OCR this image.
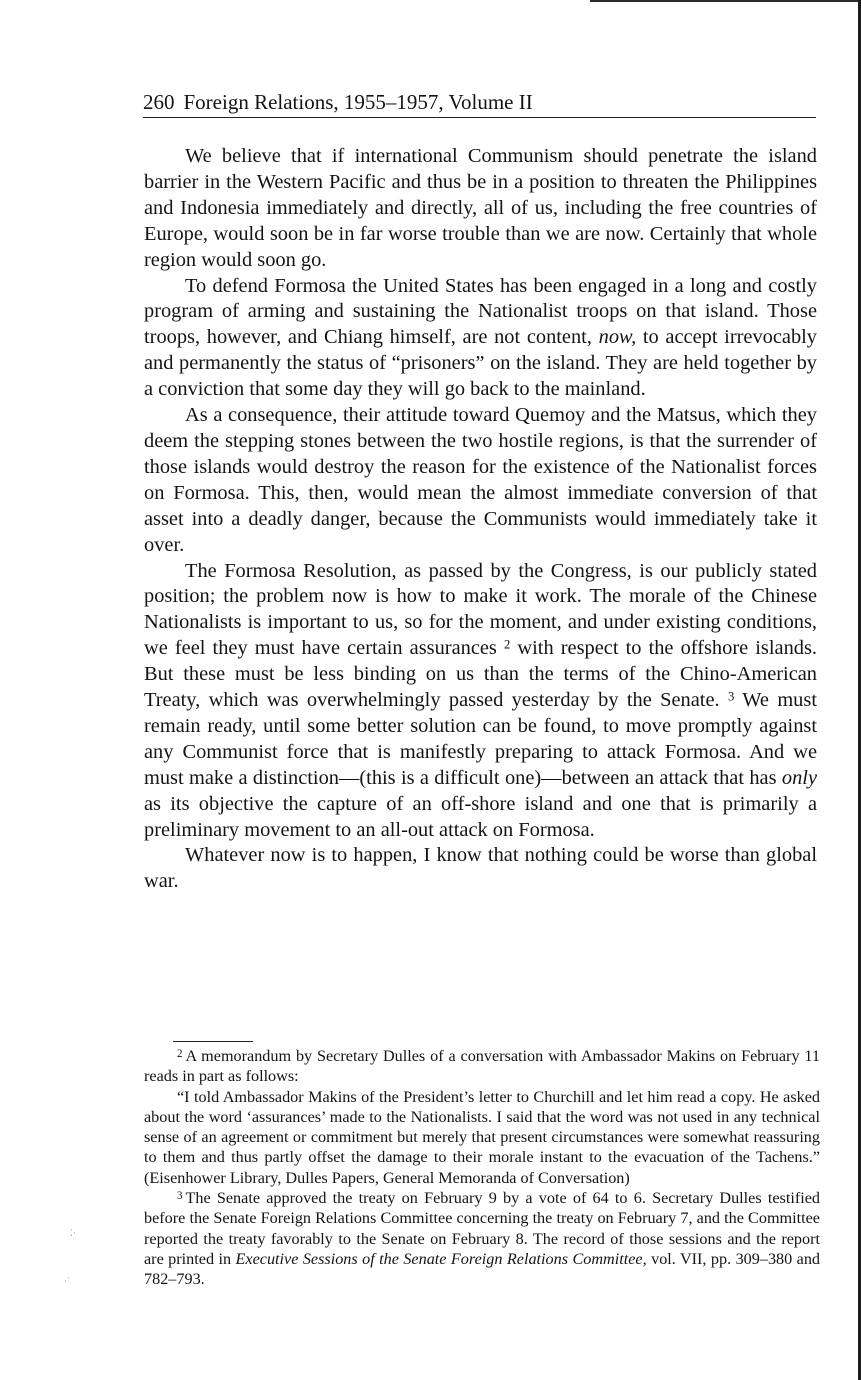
260 Foreign Relations, 1955–1957, Volume II

We believe that if international Communism should penetrate the island barrier in the Western Pacific and thus be in a position to threaten the Philippines and Indonesia immediately and directly, all of us, including the free countries of Europe, would soon be in far worse trouble than we are now. Certainly that whole region would soon go.

To defend Formosa the United States has been engaged in a long and costly program of arming and sustaining the Nationalist troops on that island. Those troops, however, and Chiang himself, are not content, now, to accept irrevocably and permanently the status of “prisoners” on the island. They are held together by a conviction that some day they will go back to the mainland.

As a consequence, their attitude toward Quemoy and the Matsus, which they deem the stepping stones between the two hostile regions, is that the surrender of those islands would destroy the reason for the existence of the Nationalist forces on Formosa. This, then, would mean the almost immediate conversion of that asset into a deadly danger, because the Communists would immediately take it over.

The Formosa Resolution, as passed by the Congress, is our publicly stated position; the problem now is how to make it work. The morale of the Chinese Nationalists is important to us, so for the moment, and under existing conditions, we feel they must have certain assurances $^2$ with respect to the offshore islands. But these must be less binding on us than the terms of the Chino-American Treaty, which was overwhelmingly passed yesterday by the Senate. $^3$ We must remain ready, until some better solution can be found, to move promptly against any Communist force that is manifestly preparing to attack Formosa. And we must make a distinction—(this is a difficult one)—between an attack that has only as its objective the capture of an off-shore island and one that is primarily a preliminary movement to an all-out attack on Formosa.

Whatever now is to happen, I know that nothing could be worse than global war.

$^2$ A memorandum by Secretary Dulles of a conversation with Ambassador Makins on February 11 reads in part as follows:

“I told Ambassador Makins of the President’s letter to Churchill and let him read a copy. He asked about the word ‘assurances’ made to the Nationalists. I said that the word was not used in any technical sense of an agreement or commitment but merely that present circumstances were somewhat reassuring to them and thus partly offset the damage to their morale instant to the evacuation of the Tachens.” (Eisenhower Library, Dulles Papers, General Memoranda of Conversation)

$^3$ The Senate approved the treaty on February 9 by a vote of 64 to 6. Secretary Dulles testified before the Senate Foreign Relations Committee concerning the treaty on February 7, and the Committee reported the treaty favorably to the Senate on February 8. The record of those sessions and the report are printed in Executive Sessions of the Senate Foreign Relations Committee, vol. VII, pp. 309–380 and 782–793.

⁚·
·˙
